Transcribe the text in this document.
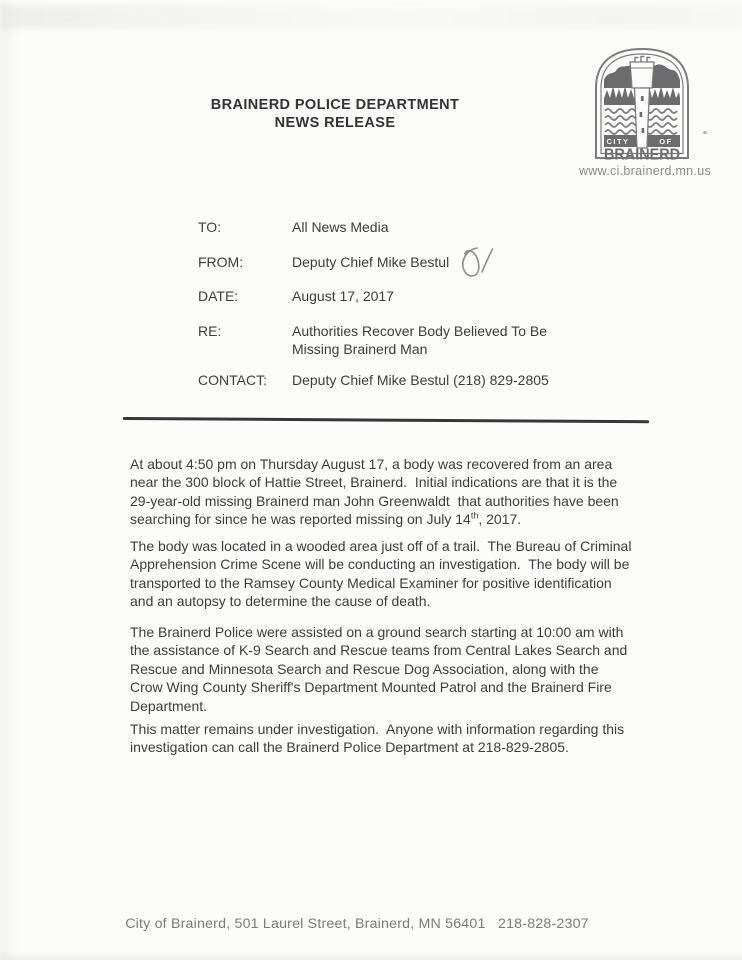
BRAINERD POLICE DEPARTMENT
NEWS RELEASE
CITY	OF
BRAINERD
www.ci.brainerd.mn.us
TO:	All News Media
FROM:	Deputy Chief Mike Bestul
DATE:	August 17, 2017
RE:	Authorities Recover Body Believed To Be
Missing Brainerd Man
CONTACT: Deputy Chief Mike Bestul (218) 829-2805
At about 4:50 pm on Thursday August 17, a body was recovered from an area
near the 300 block of Hattie Street, Brainerd.  Initial indications are that it is the
29-year-old missing Brainerd man John Greenwaldt  that authorities have been
searching for since he was reported missing on July 14th, 2017.
The body was located in a wooded area just off of a trail.  The Bureau of Criminal
Apprehension Crime Scene will be conducting an investigation.  The body will be
transported to the Ramsey County Medical Examiner for positive identification
and an autopsy to determine the cause of death.
The Brainerd Police were assisted on a ground search starting at 10:00 am with
the assistance of K-9 Search and Rescue teams from Central Lakes Search and
Rescue and Minnesota Search and Rescue Dog Association, along with the
Crow Wing County Sheriff's Department Mounted Patrol and the Brainerd Fire
Department.
This matter remains under investigation.  Anyone with information regarding this
investigation can call the Brainerd Police Department at 218-829-2805.
City of Brainerd, 501 Laurel Street, Brainerd, MN 56401   218-828-2307
